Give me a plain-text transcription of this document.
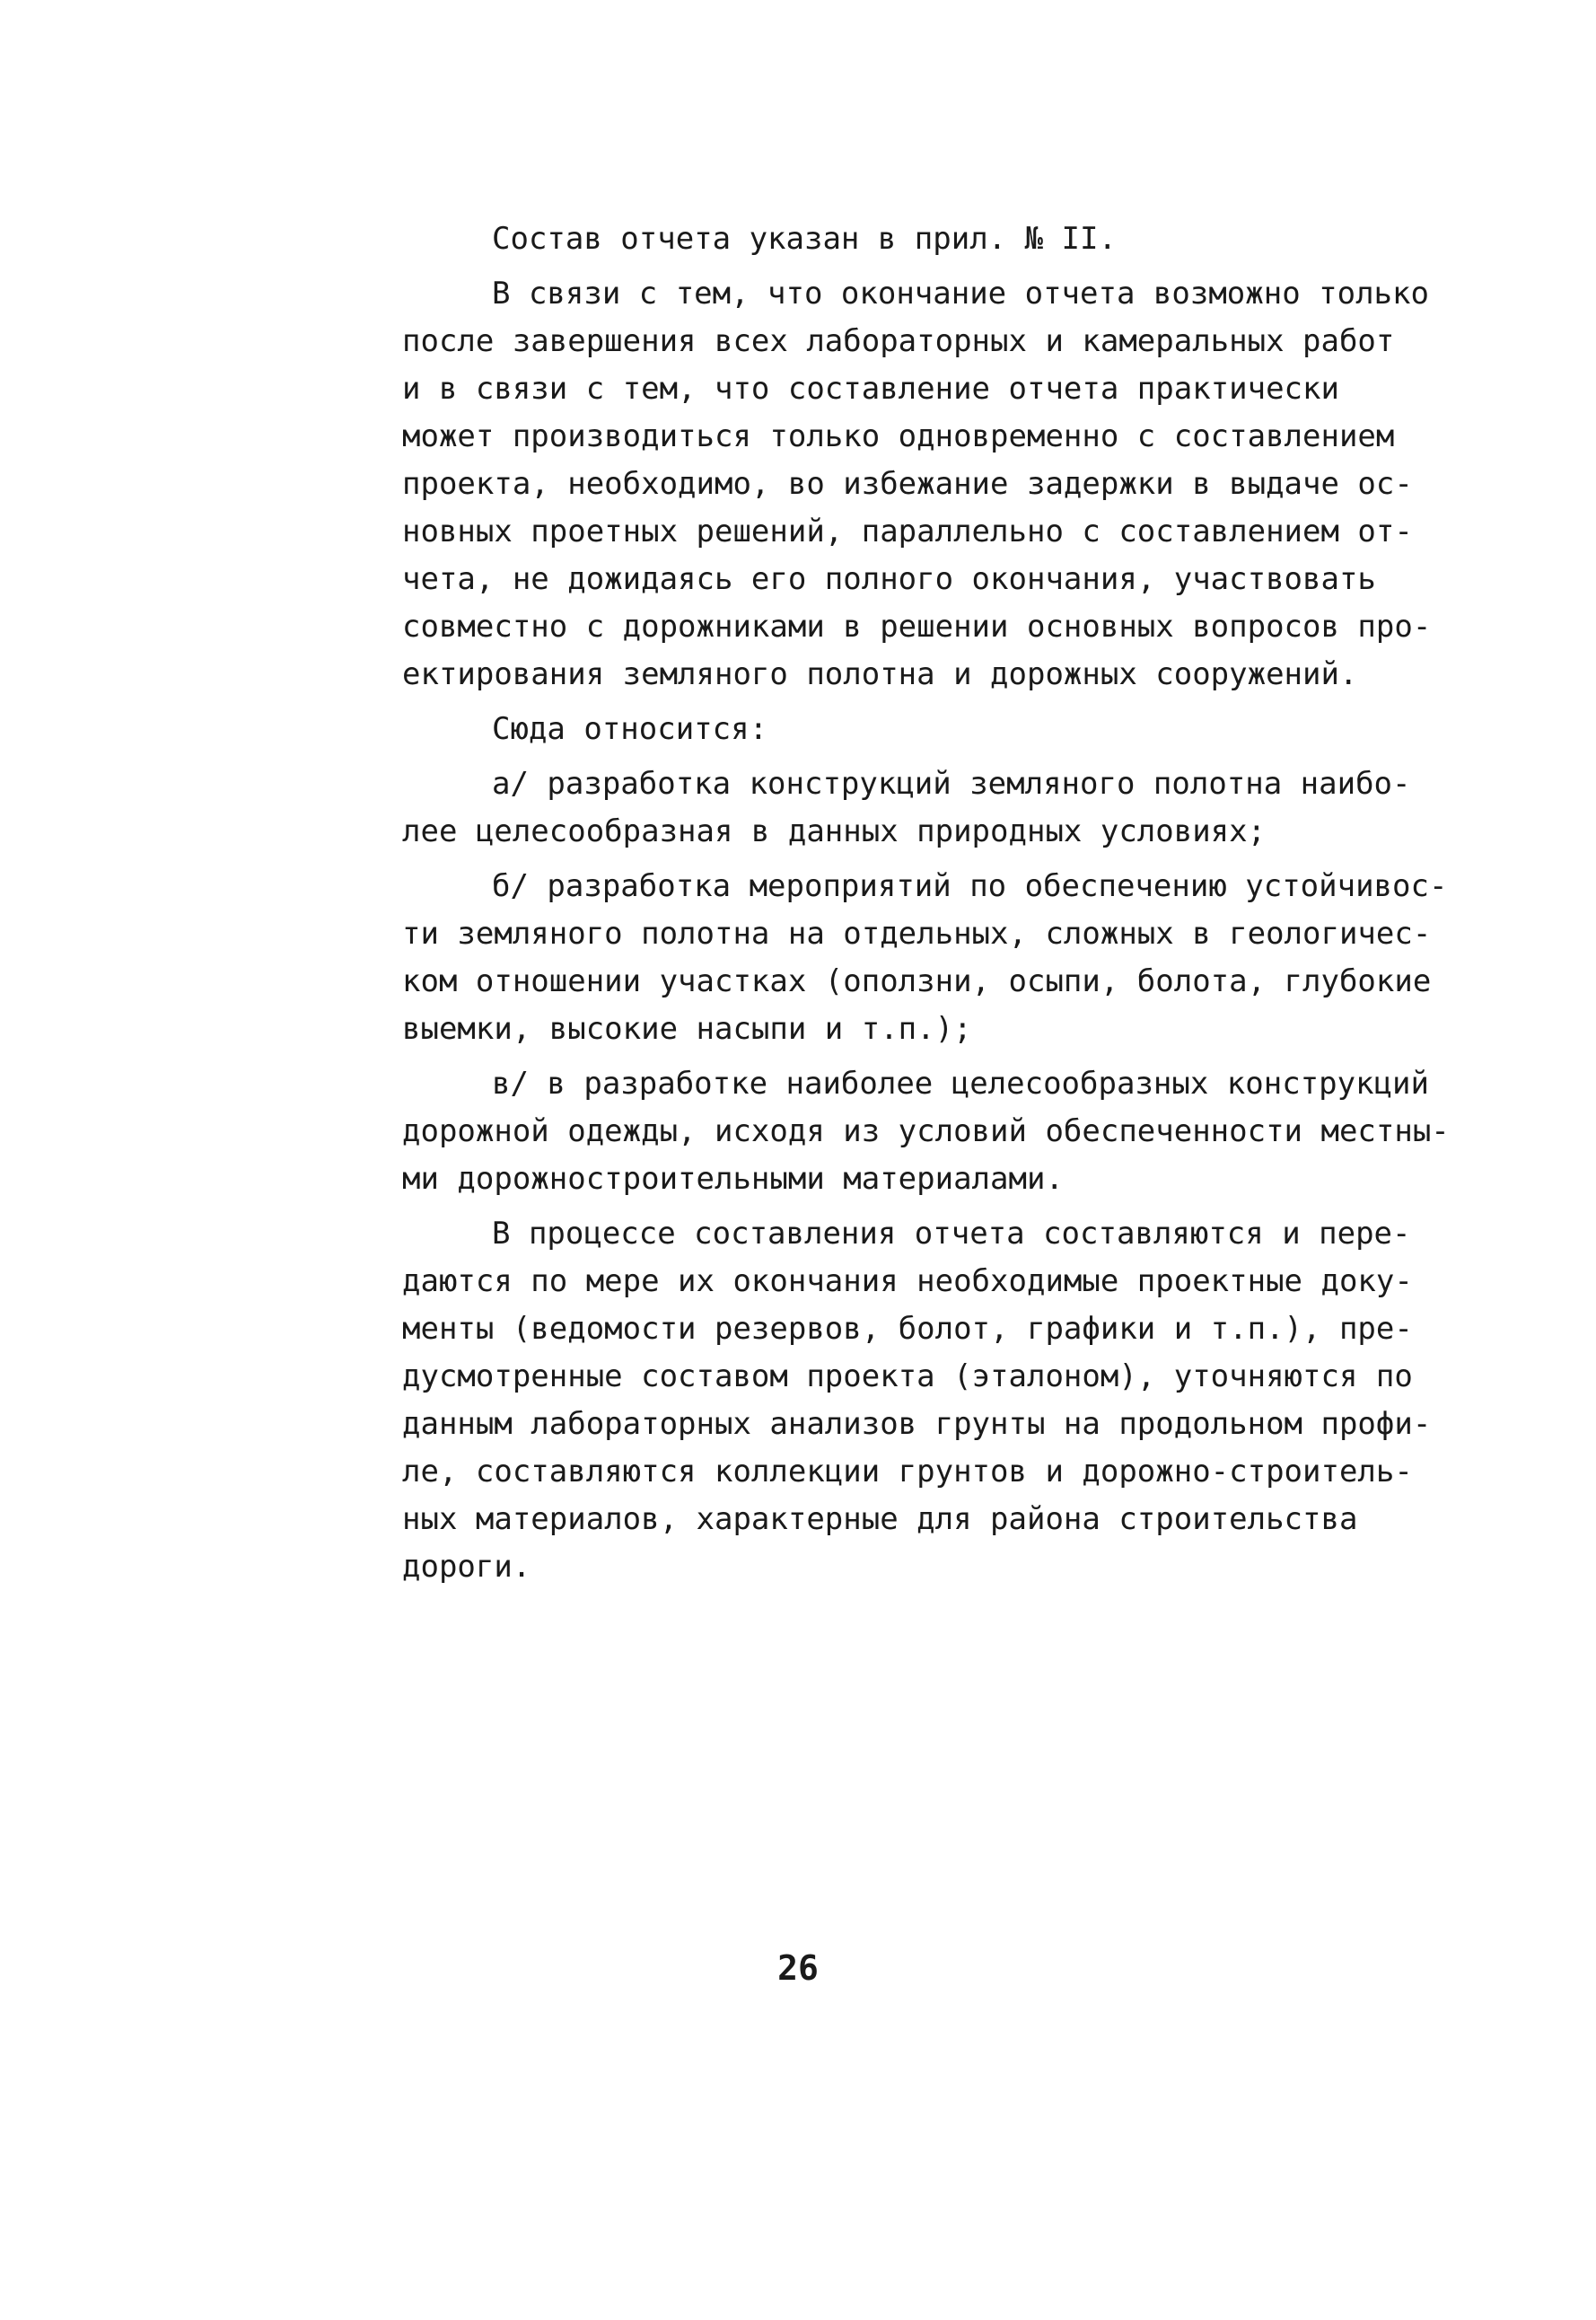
Состав отчета указан в прил. № II.
В связи с тем, что окончание отчета возможно только
после завершения всех лабораторных и камеральных работ
и в связи с тем, что составление отчета практически
может производиться только одновременно с составлением
проекта, необходимо, во избежание задержки в выдаче ос-
новных проетных решений, параллельно с составлением от-
чета, не дожидаясь его полного окончания, участвовать
совместно с дорожниками в решении основных вопросов про-
ектирования земляного полотна и дорожных сооружений.
Сюда относится:
а/ разработка конструкций земляного полотна наибо-
лее целесообразная в данных природных условиях;
б/ разработка мероприятий по обеспечению устойчивос-
ти земляного полотна на отдельных, сложных в геологичес-
ком отношении участках (оползни, осыпи, болота, глубокие
выемки, высокие насыпи и т.п.);
в/ в разработке наиболее целесообразных конструкций
дорожной одежды, исходя из условий обеспеченности местны-
ми дорожностроительными материалами.
В процессе составления отчета составляются и пере-
даются по мере их окончания необходимые проектные доку-
менты (ведомости резервов, болот, графики и т.п.), пре-
дусмотренные составом проекта (эталоном), уточняются по
данным лабораторных анализов грунты на продольном профи-
ле, составляются коллекции грунтов и дорожно-строитель-
ных материалов, характерные для района строительства
дороги.
26
